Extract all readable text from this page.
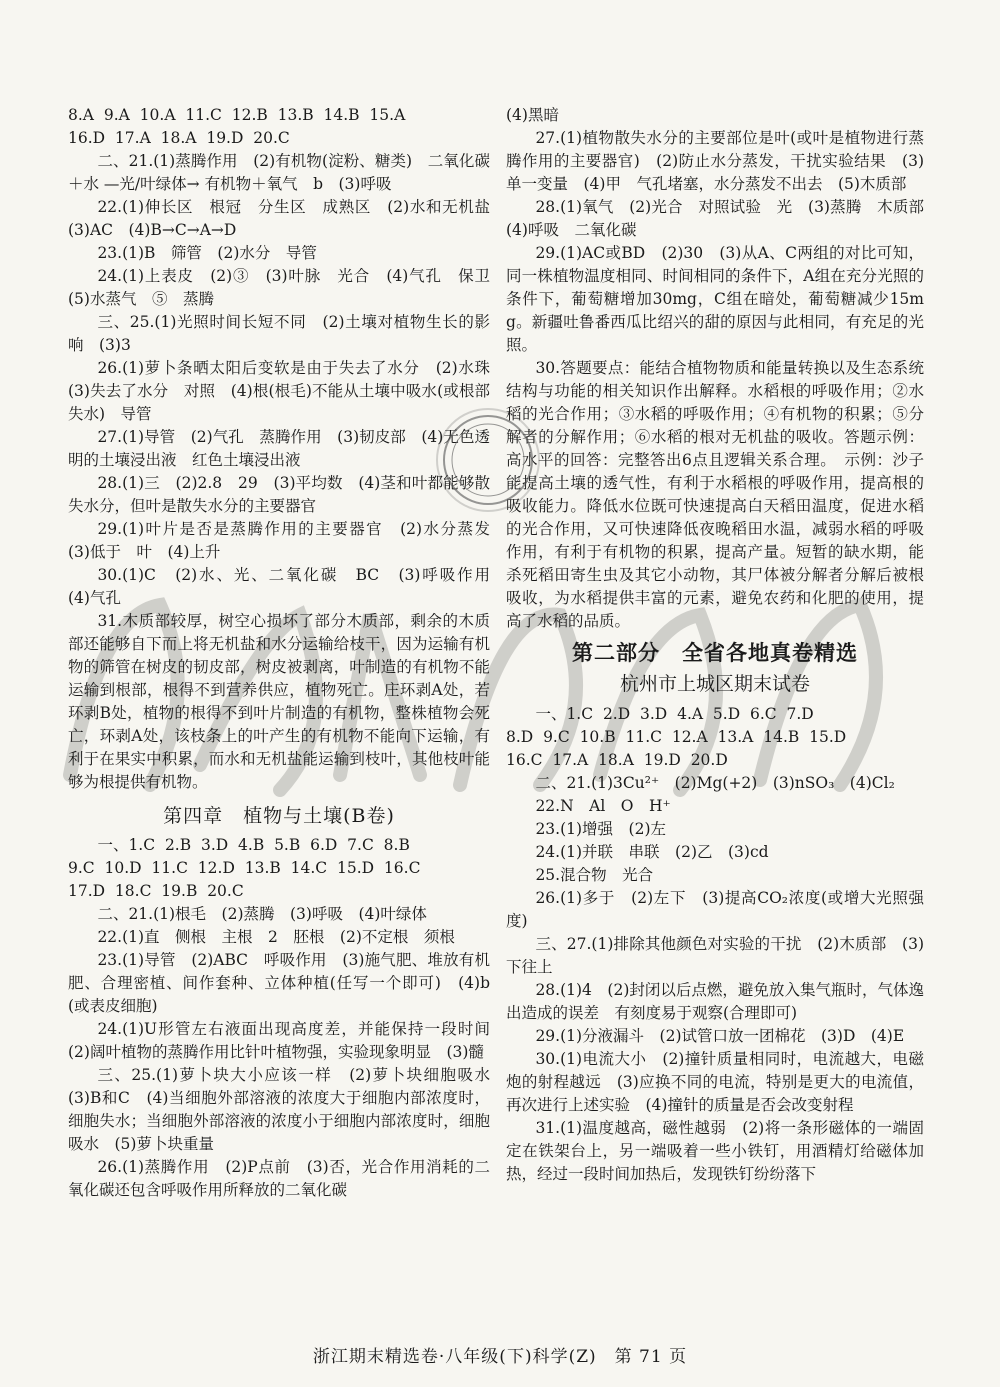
8.A  9.A  10.A  11.C  12.B  13.B  14.B  15.A

16.D  17.A  18.A  19.D  20.C

二、21.(1)蒸腾作用　(2)有机物(淀粉、糖类)　二氧化碳＋水 —光/叶绿体→ 有机物＋氧气　b　(3)呼吸

22.(1)伸长区　根冠　分生区　成熟区　(2)水和无机盐　(3)AC　(4)B→C→A→D

23.(1)B　筛管　(2)水分　导管

24.(1)上表皮　(2)③　(3)叶脉　光合　(4)气孔　保卫　(5)水蒸气　⑤　蒸腾

三、25.(1)光照时间长短不同　(2)土壤对植物生长的影响　(3)3

26.(1)萝卜条晒太阳后变软是由于失去了水分　(2)水珠　(3)失去了水分　对照　(4)根(根毛)不能从土壤中吸水(或根部失水)　导管

27.(1)导管　(2)气孔　蒸腾作用　(3)韧皮部　(4)无色透明的土壤浸出液　红色土壤浸出液

28.(1)三　(2)2.8　29　(3)平均数　(4)茎和叶都能够散失水分，但叶是散失水分的主要器官

29.(1)叶片是否是蒸腾作用的主要器官　(2)水分蒸发　(3)低于　叶　(4)上升

30.(1)C　(2)水、光、二氧化碳　BC　(3)呼吸作用　(4)气孔

31.木质部较厚，树空心损坏了部分木质部，剩余的木质部还能够自下而上将无机盐和水分运输给枝干，因为运输有机物的筛管在树皮的韧皮部，树皮被剥离，叶制造的有机物不能运输到根部，根得不到营养供应，植物死亡。庄环剥A处，若环剥B处，植物的根得不到叶片制造的有机物，整株植物会死亡，环剥A处，该枝条上的叶产生的有机物不能向下运输，有利于在果实中积累，而水和无机盐能运输到枝叶，其他枝叶能够为根提供有机物。

第四章　植物与土壤(B卷)

一、1.C  2.B  3.D  4.B  5.B  6.D  7.C  8.B

9.C  10.D  11.C  12.D  13.B  14.C  15.D  16.C

17.D  18.C  19.B  20.C

二、21.(1)根毛　(2)蒸腾　(3)呼吸　(4)叶绿体

22.(1)直　侧根　主根　2　胚根　(2)不定根　须根

23.(1)导管　(2)ABC　呼吸作用　(3)施气肥、堆放有机肥、合理密植、间作套种、立体种植(任写一个即可)　(4)b(或表皮细胞)

24.(1)U形管左右液面出现高度差，并能保持一段时间　(2)阔叶植物的蒸腾作用比针叶植物强，实验现象明显　(3)髓

三、25.(1)萝卜块大小应该一样　(2)萝卜块细胞吸水　(3)B和C　(4)当细胞外部溶液的浓度大于细胞内部浓度时，细胞失水；当细胞外部溶液的浓度小于细胞内部浓度时，细胞吸水　(5)萝卜块重量

26.(1)蒸腾作用　(2)P点前　(3)否，光合作用消耗的二氧化碳还包含呼吸作用所释放的二氧化碳

(4)黑暗

27.(1)植物散失水分的主要部位是叶(或叶是植物进行蒸腾作用的主要器官)　(2)防止水分蒸发，干扰实验结果　(3)单一变量　(4)甲　气孔堵塞，水分蒸发不出去　(5)木质部

28.(1)氧气　(2)光合　对照试验　光　(3)蒸腾　木质部　(4)呼吸　二氧化碳

29.(1)AC或BD　(2)30　(3)从A、C两组的对比可知，同一株植物温度相同、时间相同的条件下，A组在充分光照的条件下，葡萄糖增加30mg，C组在暗处，葡萄糖减少15mg。新疆吐鲁番西瓜比绍兴的甜的原因与此相同，有充足的光照。

30.答题要点：能结合植物物质和能量转换以及生态系统结构与功能的相关知识作出解释。水稻根的呼吸作用；②水稻的光合作用；③水稻的呼吸作用；④有机物的积累；⑤分解者的分解作用；⑥水稻的根对无机盐的吸收。答题示例：高水平的回答：完整答出6点且逻辑关系合理。　示例：沙子能提高土壤的透气性，有利于水稻根的呼吸作用，提高根的吸收能力。降低水位既可快速提高白天稻田温度，促进水稻的光合作用，又可快速降低夜晚稻田水温，减弱水稻的呼吸作用，有利于有机物的积累，提高产量。短暂的缺水期，能杀死稻田寄生虫及其它小动物，其尸体被分解者分解后被根吸收，为水稻提供丰富的元素，避免农药和化肥的使用，提高了水稻的品质。

第二部分　全省各地真卷精选
杭州市上城区期末试卷

一、1.C  2.D  3.D  4.A  5.D  6.C  7.D

8.D  9.C  10.B  11.C  12.A  13.A  14.B  15.D

16.C  17.A  18.A  19.D  20.D

二、21.(1)3Cu²⁺　(2)Mg(+2)　(3)nSO₃　(4)Cl₂

22.N　Al　O　H⁺

23.(1)增强　(2)左

24.(1)并联　串联　(2)乙　(3)cd

25.混合物　光合

26.(1)多于　(2)左下　(3)提高CO₂浓度(或增大光照强度)

三、27.(1)排除其他颜色对实验的干扰　(2)木质部　(3)下往上

28.(1)4　(2)封闭以后点燃，避免放入集气瓶时，气体逸出造成的误差　有刻度易于观察(合理即可)

29.(1)分液漏斗　(2)试管口放一团棉花　(3)D　(4)E

30.(1)电流大小　(2)撞针质量相同时，电流越大，电磁炮的射程越远　(3)应换不同的电流，特别是更大的电流值，再次进行上述实验　(4)撞针的质量是否会改变射程

31.(1)温度越高，磁性越弱　(2)将一条形磁体的一端固定在铁架台上，另一端吸着一些小铁钉，用酒精灯给磁体加热，经过一段时间加热后，发现铁钉纷纷落下

浙江期末精选卷·八年级(下)科学(Z)　第 71 页
